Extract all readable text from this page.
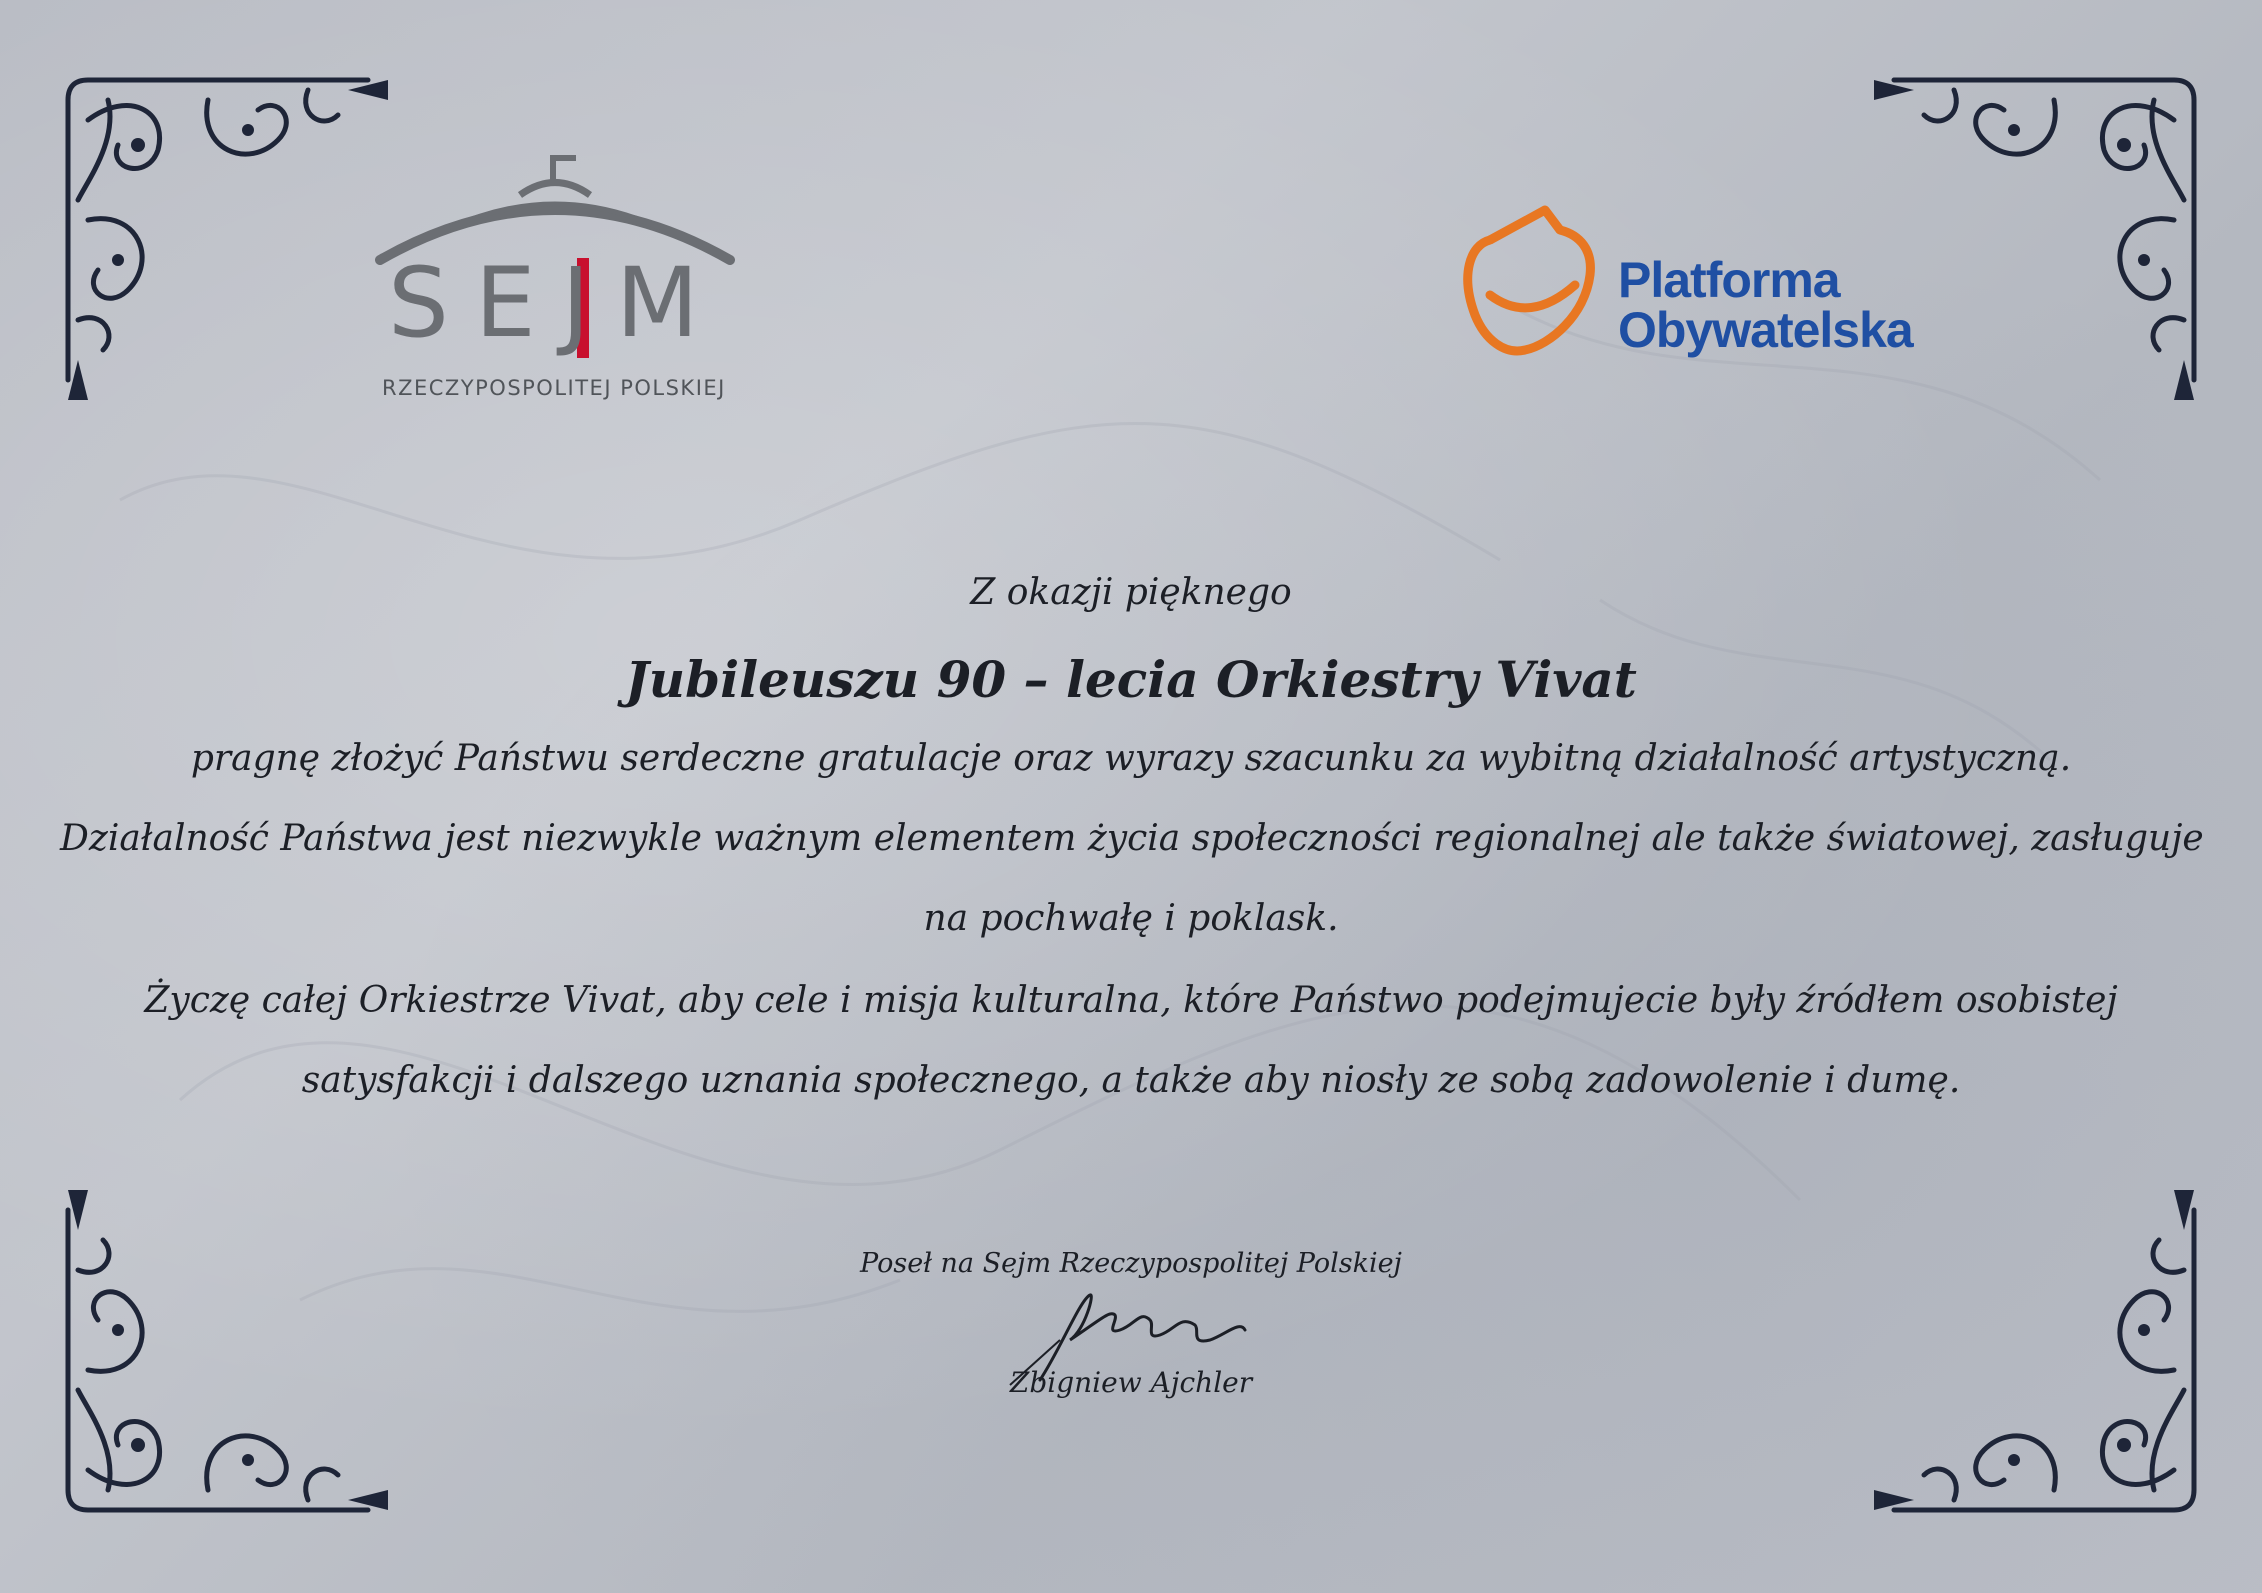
SEJM
RZECZYPOSPOLITEJ POLSKIEJ
Platforma
Obywatelska
Z okazji pięknego
Jubileuszu 90 – lecia Orkiestry Vivat
pragnę złożyć Państwu serdeczne gratulacje oraz wyrazy szacunku za wybitną działalność artystyczną.
Działalność Państwa jest niezwykle ważnym elementem życia społeczności regionalnej ale także światowej, zasługuje
na pochwałę i poklask.
Życzę całej Orkiestrze Vivat, aby cele i misja kulturalna, które Państwo podejmujecie były źródłem osobistej
satysfakcji i dalszego uznania społecznego, a także aby niosły ze sobą zadowolenie i dumę.
Poseł na Sejm Rzeczypospolitej Polskiej
Zbigniew Ajchler
